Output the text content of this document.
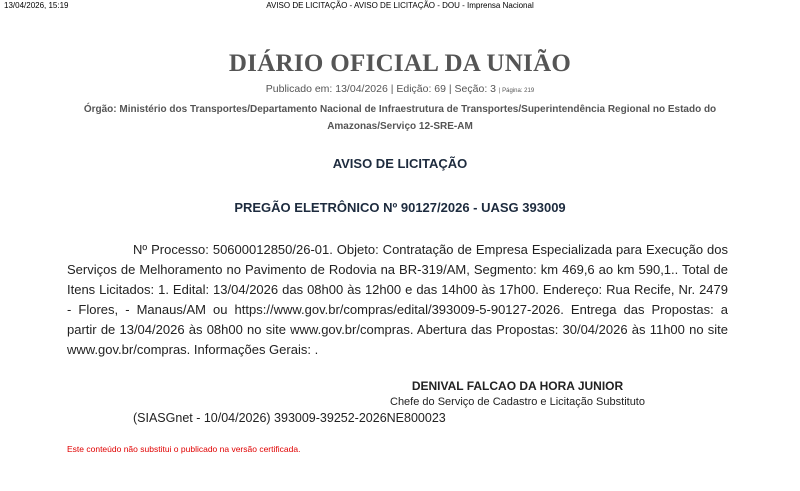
13/04/2026, 15:19	AVISO DE LICITAÇÃO - AVISO DE LICITAÇÃO - DOU - Imprensa Nacional
DIÁRIO OFICIAL DA UNIÃO
Publicado em: 13/04/2026 | Edição: 69 | Seção: 3 | Página: 219
Órgão: Ministério dos Transportes/Departamento Nacional de Infraestrutura de Transportes/Superintendência Regional no Estado do Amazonas/Serviço 12-SRE-AM
AVISO DE LICITAÇÃO
PREGÃO ELETRÔNICO Nº 90127/2026 - UASG 393009
Nº Processo: 50600012850/26-01. Objeto: Contratação de Empresa Especializada para Execução dos Serviços de Melhoramento no Pavimento de Rodovia na BR-319/AM, Segmento: km 469,6 ao km 590,1.. Total de Itens Licitados: 1. Edital: 13/04/2026 das 08h00 às 12h00 e das 14h00 às 17h00. Endereço: Rua Recife, Nr. 2479 - Flores, - Manaus/AM ou https://www.gov.br/compras/edital/393009-5-90127-2026. Entrega das Propostas: a partir de 13/04/2026 às 08h00 no site www.gov.br/compras. Abertura das Propostas: 30/04/2026 às 11h00 no site www.gov.br/compras. Informações Gerais: .
DENIVAL FALCAO DA HORA JUNIOR
Chefe do Serviço de Cadastro e Licitação Substituto
(SIASGnet - 10/04/2026) 393009-39252-2026NE800023
Este conteúdo não substitui o publicado na versão certificada.
